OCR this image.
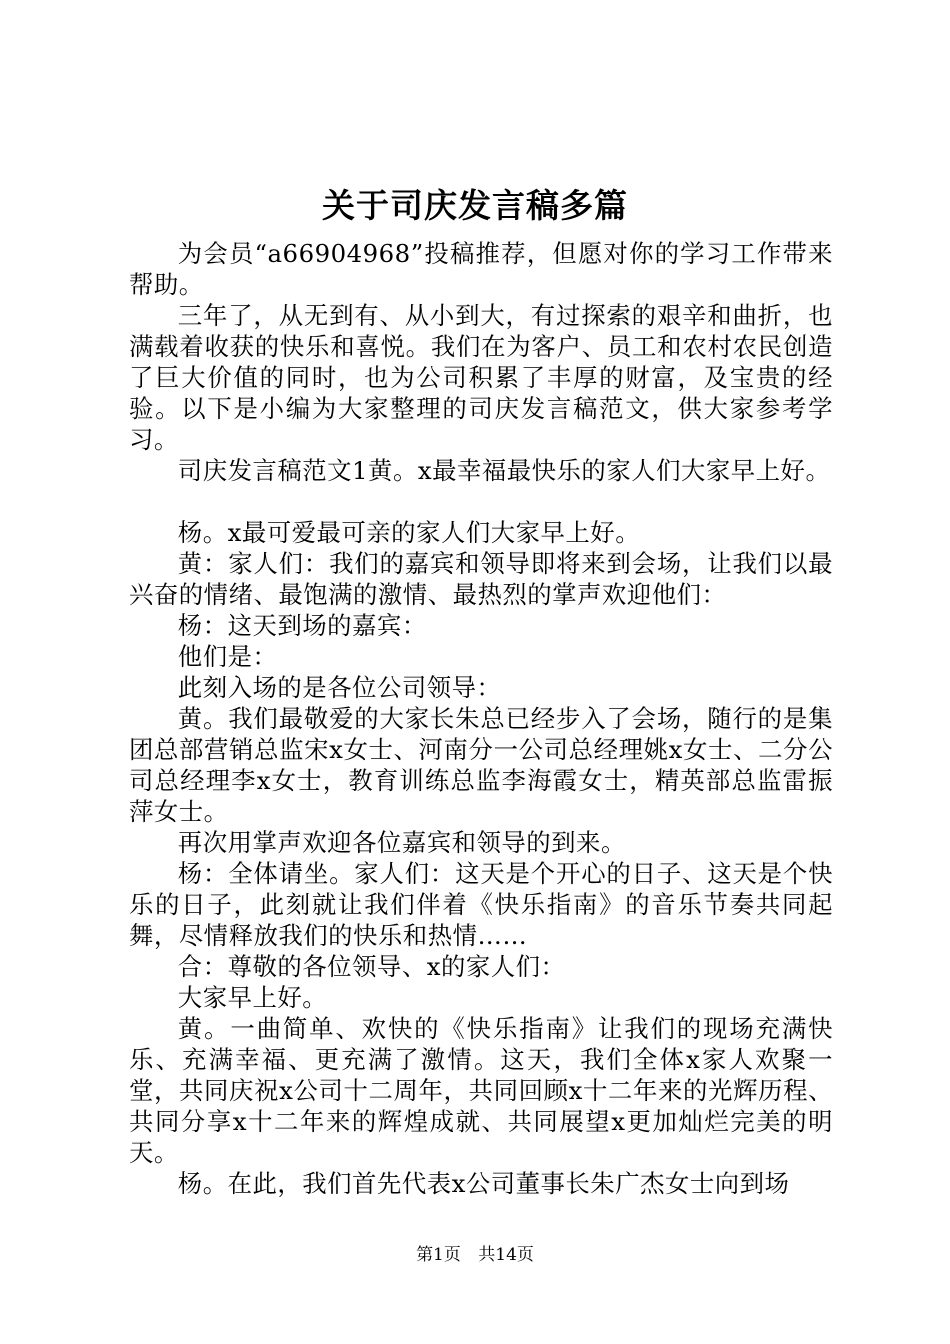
关于司庆发言稿多篇

为会员“a66904968”投稿推荐，但愿对你的学习工作带来帮助。

三年了，从无到有、从小到大，有过探索的艰辛和曲折，也满载着收获的快乐和喜悦。我们在为客户、员工和农村农民创造了巨大价值的同时，也为公司积累了丰厚的财富，及宝贵的经验。以下是小编为大家整理的司庆发言稿范文，供大家参考学习。

司庆发言稿范文1黄。x最幸福最快乐的家人们大家早上好。

杨。x最可爱最可亲的家人们大家早上好。

黄：家人们：我们的嘉宾和领导即将来到会场，让我们以最兴奋的情绪、最饱满的激情、最热烈的掌声欢迎他们：

杨：这天到场的嘉宾：

他们是：

此刻入场的是各位公司领导：

黄。我们最敬爱的大家长朱总已经步入了会场，随行的是集团总部营销总监宋x女士、河南分一公司总经理姚x女士、二分公司总经理李x女士，教育训练总监李海霞女士，精英部总监雷振萍女士。

再次用掌声欢迎各位嘉宾和领导的到来。

杨：全体请坐。家人们：这天是个开心的日子、这天是个快乐的日子，此刻就让我们伴着《快乐指南》的音乐节奏共同起舞，尽情释放我们的快乐和热情……

合：尊敬的各位领导、x的家人们：

大家早上好。

黄。一曲简单、欢快的《快乐指南》让我们的现场充满快乐、充满幸福、更充满了激情。这天，我们全体x家人欢聚一堂，共同庆祝x公司十二周年，共同回顾x十二年来的光辉历程、共同分享x十二年来的辉煌成就、共同展望x更加灿烂完美的明天。

杨。在此，我们首先代表x公司董事长朱广杰女士向到场

第1页 共14页
